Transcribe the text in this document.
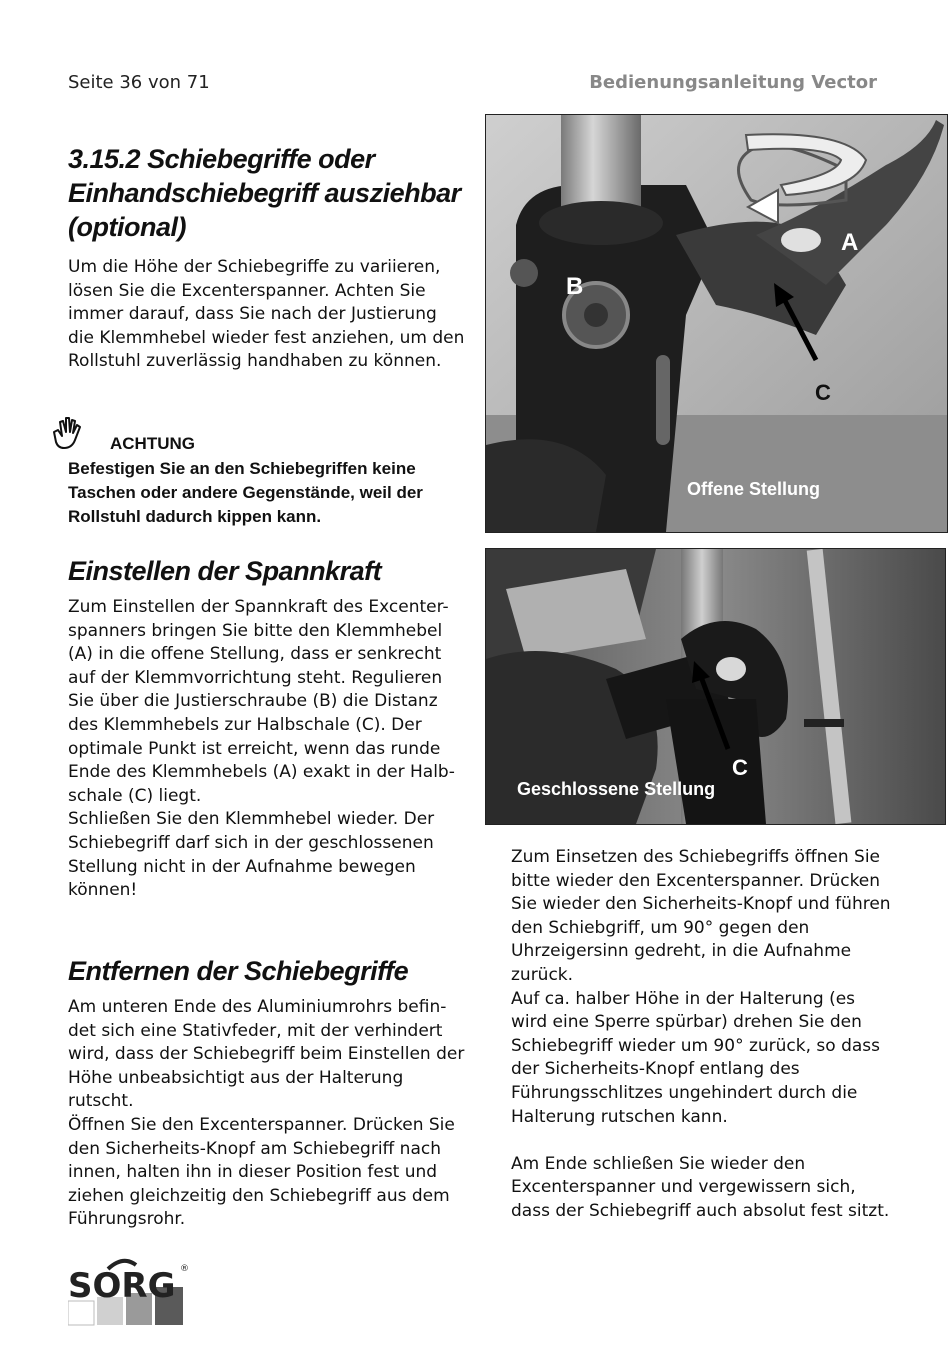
Seite 36 von 71	Bedienungsanleitung Vector
3.15.2 Schiebegriffe oder Einhandschiebegriff ausziehbar (optional)

Um die Höhe der Schiebegriffe zu variieren, lösen Sie die Excenterspanner. Achten Sie immer darauf, dass Sie nach der Justierung die Klemmhebel wieder fest anziehen, um den Rollstuhl zuverlässig handhaben zu können.

ACHTUNG
Befestigen Sie an den Schiebegriffen keine Taschen oder andere Gegenstände, weil der Rollstuhl dadurch kippen kann.
Einstellen der Spannkraft

Zum Einstellen der Spannkraft des Excenter-spanners bringen Sie bitte den Klemmhebel (A) in die offene Stellung, dass er senkrecht auf der Klemmvorrichtung steht. Regulieren Sie über die Justierschraube (B) die Distanz des Klemmhebels zur Halbschale (C). Der optimale Punkt ist erreicht, wenn das runde Ende des Klemmhebels (A) exakt in der Halb-schale (C) liegt.
Schließen Sie den Klemmhebel wieder. Der Schiebegriff darf sich in der geschlossenen Stellung nicht in der Aufnahme bewegen können!

Entfernen der Schiebegriffe

Am unteren Ende des Aluminiumrohrs befin-det sich eine Stativfeder, mit der verhindert wird, dass der Schiebegriff beim Einstellen der Höhe unbeabsichtigt aus der Halterung rutscht.
Öffnen Sie den Excenterspanner. Drücken Sie den Sicherheits-Knopf am Schiebegriff nach innen, halten ihn in dieser Position fest und ziehen gleichzeitig den Schiebegriff aus dem Führungsrohr.

A
B
C
Offene Stellung
C
Geschlossene Stellung

Zum Einsetzen des Schiebegriffs öffnen Sie bitte wieder den Excenterspanner. Drücken Sie wieder den Sicherheits-Knopf und führen den Schiebgriff, um 90° gegen den Uhrzeigersinn gedreht, in die Aufnahme zurück.
Auf ca. halber Höhe in der Halterung (es wird eine Sperre spürbar) drehen Sie den Schiebegriff wieder um 90° zurück, so dass der Sicherheits-Knopf entlang des Führungsschlitzes ungehindert durch die Halterung rutschen kann.

Am Ende schließen Sie wieder den Excenterspanner und vergewissern sich, dass der Schiebegriff auch absolut fest sitzt.

SORG ®
